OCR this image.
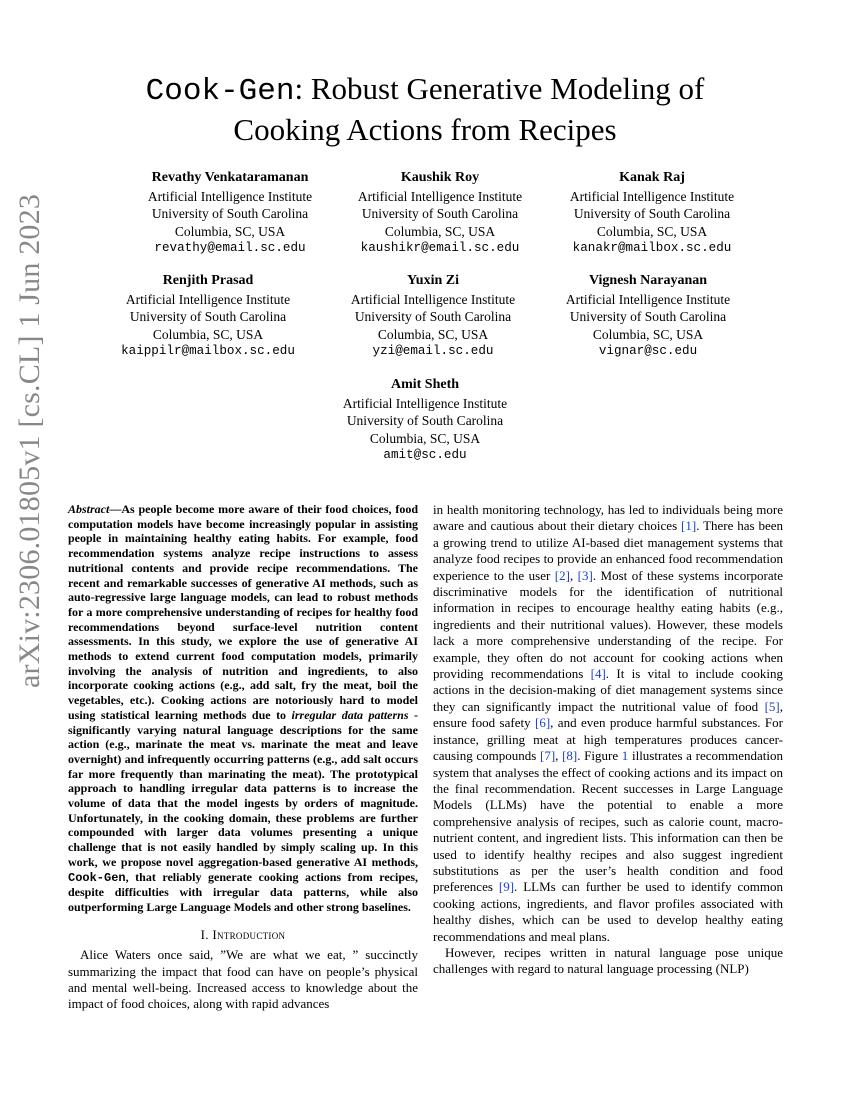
arXiv:2306.01805v1 [cs.CL] 1 Jun 2023
Cook-Gen: Robust Generative Modeling of
Cooking Actions from Recipes
Revathy Venkataramanan
Artificial Intelligence Institute
University of South Carolina
Columbia, SC, USA
revathy@email.sc.edu
Kaushik Roy
Artificial Intelligence Institute
University of South Carolina
Columbia, SC, USA
kaushikr@email.sc.edu
Kanak Raj
Artificial Intelligence Institute
University of South Carolina
Columbia, SC, USA
kanakr@mailbox.sc.edu
Renjith Prasad
Artificial Intelligence Institute
University of South Carolina
Columbia, SC, USA
kaippilr@mailbox.sc.edu
Yuxin Zi
Artificial Intelligence Institute
University of South Carolina
Columbia, SC, USA
yzi@email.sc.edu
Vignesh Narayanan
Artificial Intelligence Institute
University of South Carolina
Columbia, SC, USA
vignar@sc.edu
Amit Sheth
Artificial Intelligence Institute
University of South Carolina
Columbia, SC, USA
amit@sc.edu

Abstract—As people become more aware of their food choices, food computation models have become increasingly popular in assisting people in maintaining healthy eating habits. For example, food recommendation systems analyze recipe instructions to assess nutritional contents and provide recipe recommendations. The recent and remarkable successes of generative AI methods, such as auto-regressive large language models, can lead to robust methods for a more comprehensive understanding of recipes for healthy food recommendations beyond surface-level nutrition content assessments. In this study, we explore the use of generative AI methods to extend current food computation models, primarily involving the analysis of nutrition and ingredients, to also incorporate cooking actions (e.g., add salt, fry the meat, boil the vegetables, etc.). Cooking actions are notoriously hard to model using statistical learning methods due to irregular data patterns - significantly varying natural language descriptions for the same action (e.g., marinate the meat vs. marinate the meat and leave overnight) and infrequently occurring patterns (e.g., add salt occurs far more frequently than marinating the meat). The prototypical approach to handling irregular data patterns is to increase the volume of data that the model ingests by orders of magnitude. Unfortunately, in the cooking domain, these problems are further compounded with larger data volumes presenting a unique challenge that is not easily handled by simply scaling up. In this work, we propose novel aggregation-based generative AI methods, Cook-Gen, that reliably generate cooking actions from recipes, despite difficulties with irregular data patterns, while also outperforming Large Language Models and other strong baselines.

I. Introduction

Alice Waters once said, ”We are what we eat, ” succinctly summarizing the impact that food can have on people’s physical and mental well-being. Increased access to knowledge about the impact of food choices, along with rapid advances

in health monitoring technology, has led to individuals being more aware and cautious about their dietary choices [1]. There has been a growing trend to utilize AI-based diet management systems that analyze food recipes to provide an enhanced food recommendation experience to the user [2], [3]. Most of these systems incorporate discriminative models for the identification of nutritional information in recipes to encourage healthy eating habits (e.g., ingredients and their nutritional values). However, these models lack a more comprehensive understanding of the recipe. For example, they often do not account for cooking actions when providing recommendations [4]. It is vital to include cooking actions in the decision-making of diet management systems since they can significantly impact the nutritional value of food [5], ensure food safety [6], and even produce harmful substances. For instance, grilling meat at high temperatures produces cancer-causing compounds [7], [8]. Figure 1 illustrates a recommendation system that analyses the effect of cooking actions and its impact on the final recommendation. Recent successes in Large Language Models (LLMs) have the potential to enable a more comprehensive analysis of recipes, such as calorie count, macro-nutrient content, and ingredient lists. This information can then be used to identify healthy recipes and also suggest ingredient substitutions as per the user’s health condition and food preferences [9]. LLMs can further be used to identify common cooking actions, ingredients, and flavor profiles associated with healthy dishes, which can be used to develop healthy eating recommendations and meal plans.

However, recipes written in natural language pose unique challenges with regard to natural language processing (NLP)
